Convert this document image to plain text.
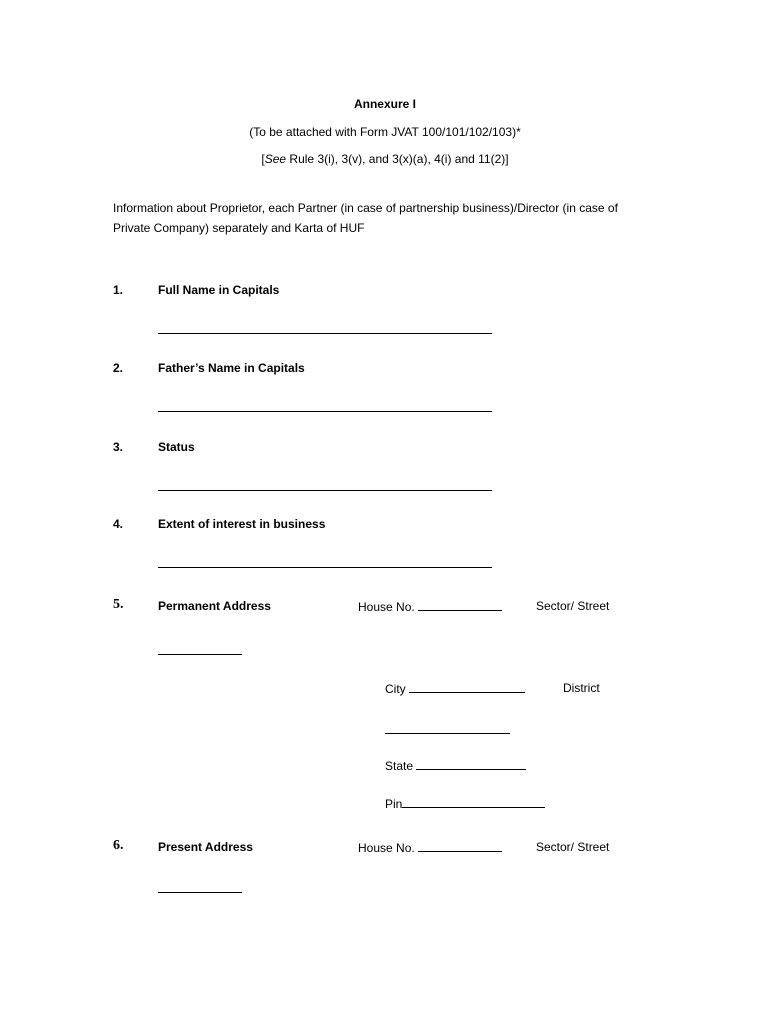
Annexure I
(To be attached with Form JVAT 100/101/102/103)*
[See Rule 3(i), 3(v), and 3(x)(a), 4(i) and 11(2)]
Information about Proprietor, each Partner (in case of partnership business)/Director (in case of Private Company) separately and Karta of HUF
1.	Full Name in Capitals
2.	Father’s Name in Capitals
3.	Status
4.	Extent of interest in business
5.	Permanent Address	House No.	Sector/ Street
City	District
State
Pin
6.	Present Address	House No.	Sector/ Street
